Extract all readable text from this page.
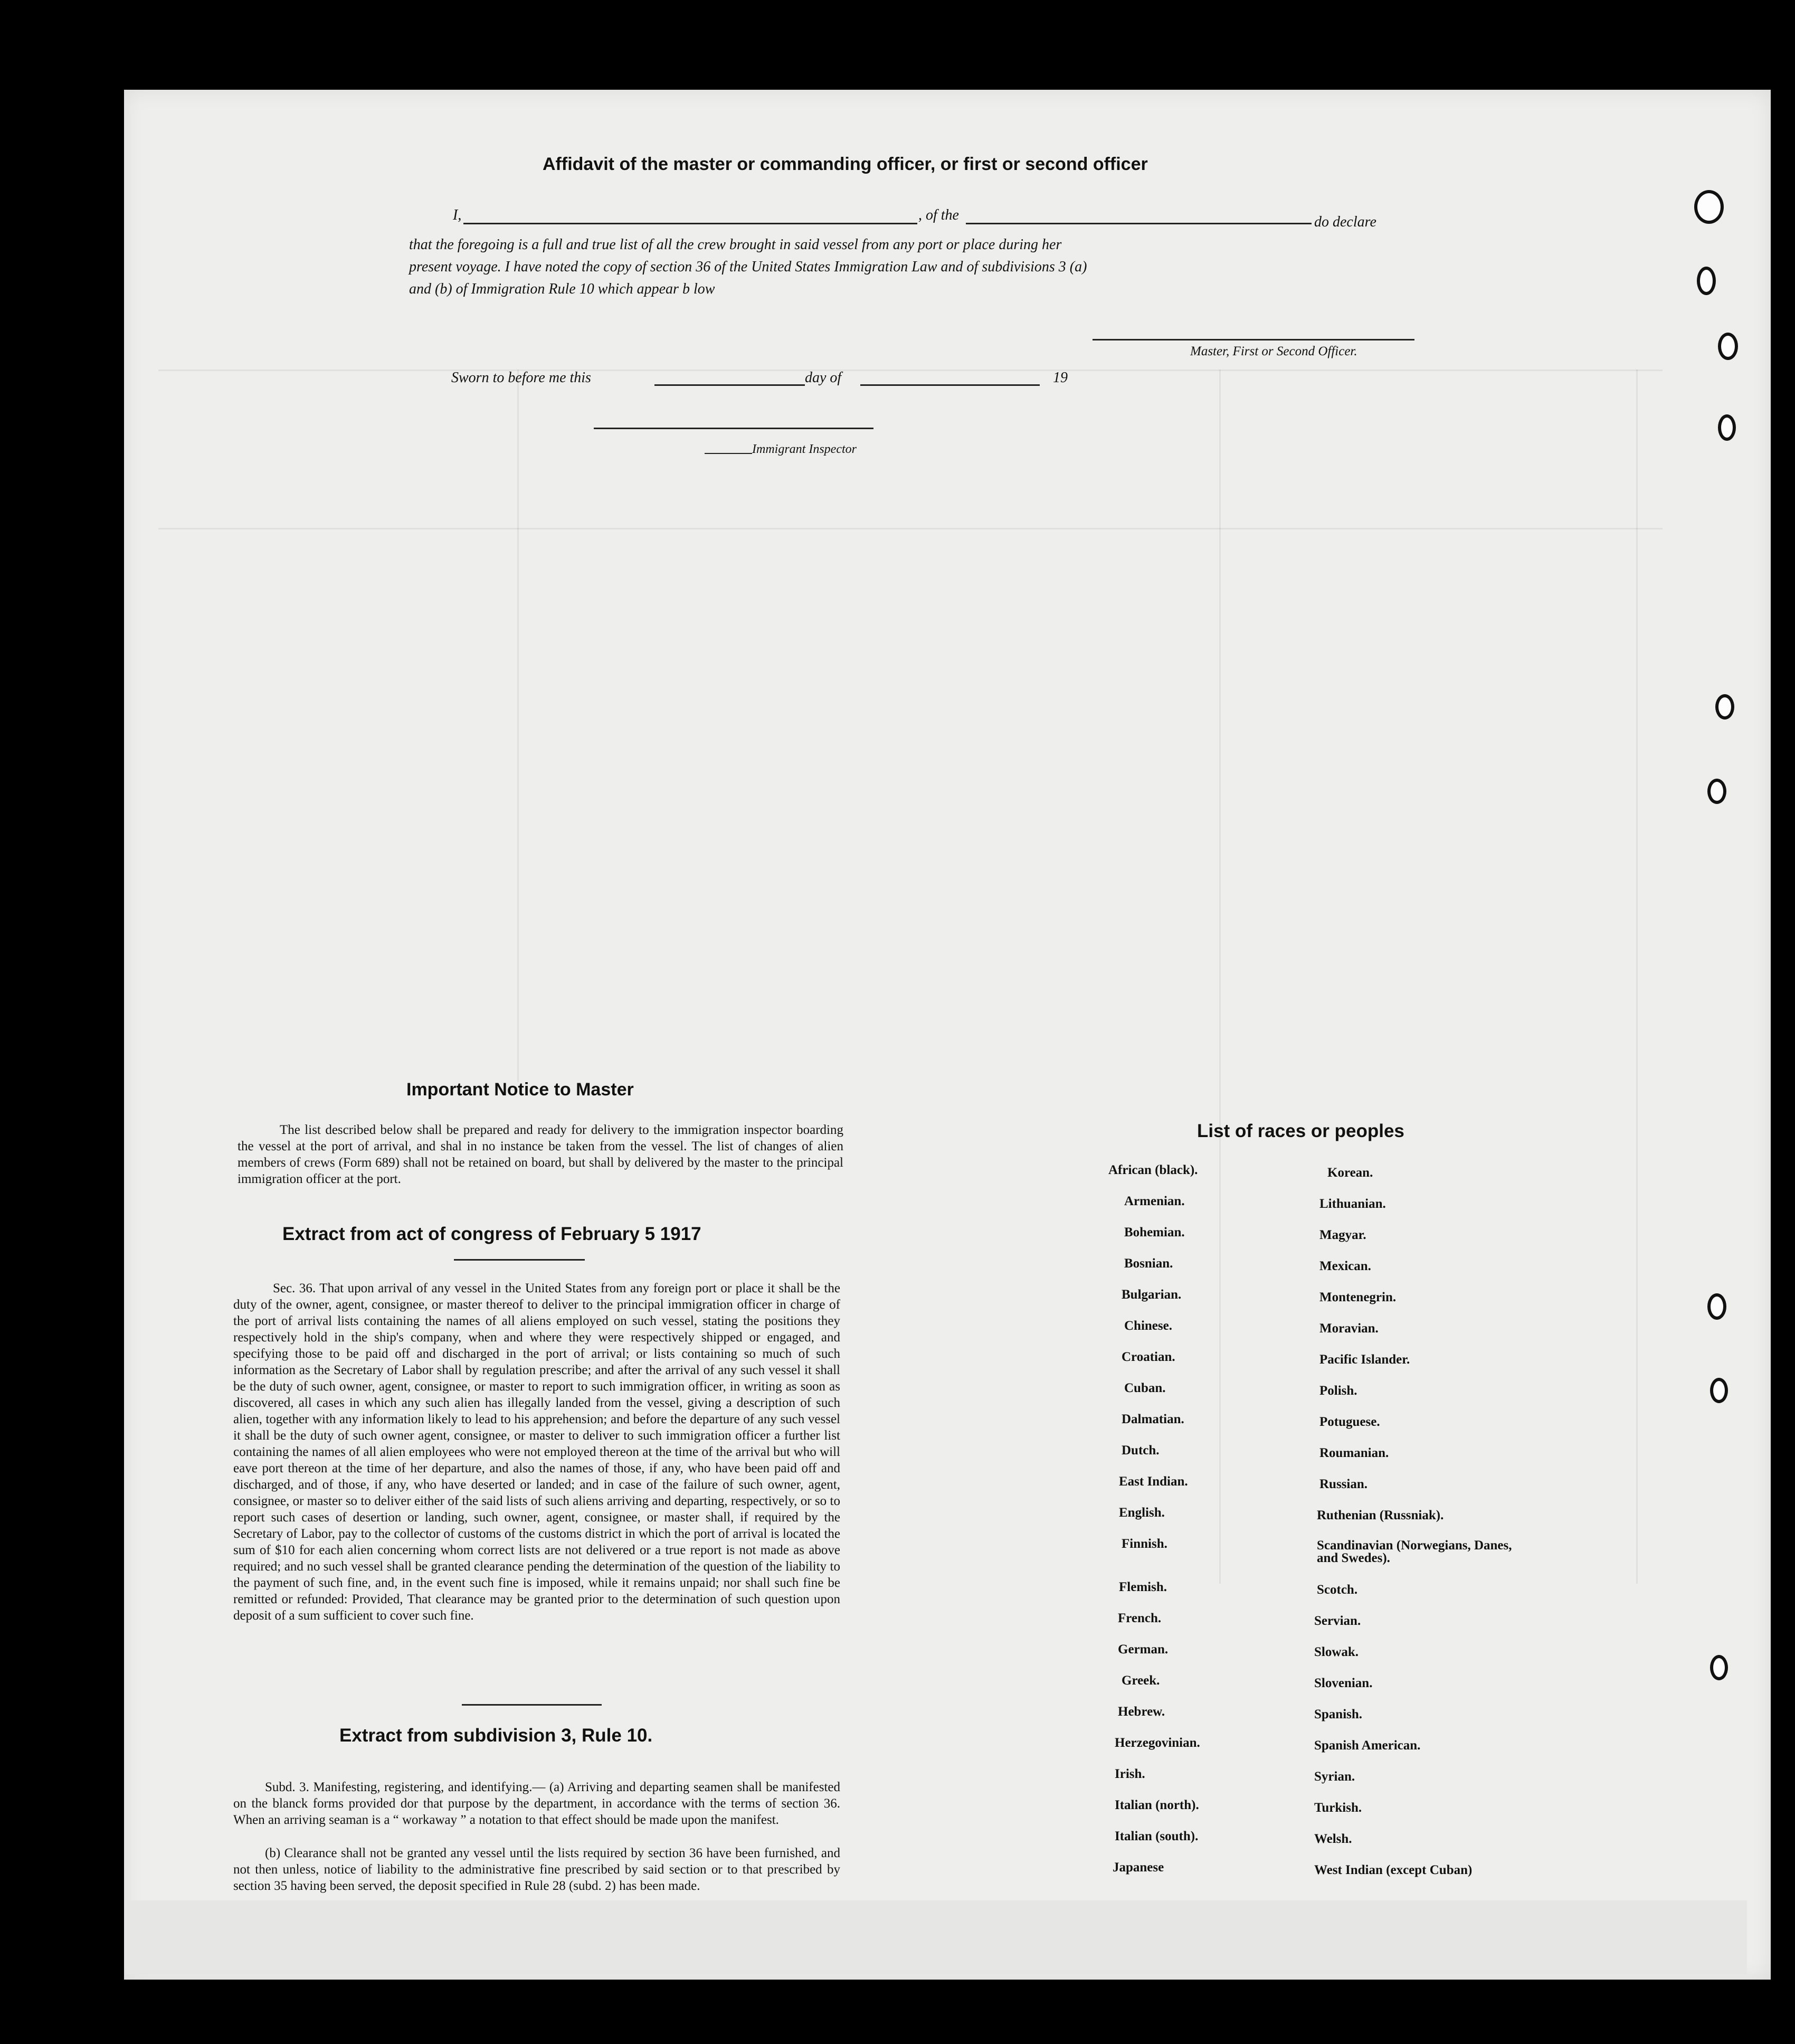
Affidavit of the master or commanding officer, or first or second officer
I,	, of the	do declare
that the foregoing is a full and true list of all the crew brought in said vessel from any port or place during her
present voyage. I have noted the copy of section 36 of the United States Immigration Law and of subdivisions 3 (a)
and (b) of Immigration Rule 10 which appear b low
Master, First or Second Officer.
Sworn to before me this	day of	19
Immigrant Inspector
Important Notice to Master
The list described below shall be prepared and ready for delivery to the immigration inspector boarding the vessel at the port of arrival, and shal in no instance be taken from the vessel. The list of changes of alien members of crews (Form 689) shall not be retained on board, but shall by delivered by the master to the principal immigration officer at the port.
Extract from act of congress of February 5 1917
Sec. 36. That upon arrival of any vessel in the United States from any foreign port or place it shall be the duty of the owner, agent, consignee, or master thereof to deliver to the principal immigration officer in charge of the port of arrival lists containing the names of all aliens employed on such vessel, stating the positions they respectively hold in the ship's company, when and where they were respectively shipped or engaged, and specifying those to be paid off and discharged in the port of arrival; or lists containing so much of such information as the Secretary of Labor shall by regulation prescribe; and after the arrival of any such vessel it shall be the duty of such owner, agent, consignee, or master to report to such immigration officer, in writing as soon as discovered, all cases in which any such alien has illegally landed from the vessel, giving a description of such alien, together with any information likely to lead to his apprehension; and before the departure of any such vessel it shall be the duty of such owner agent, consignee, or master to deliver to such immigration officer a further list containing the names of all alien employees who were not employed thereon at the time of the arrival but who will eave port thereon at the time of her departure, and also the names of those, if any, who have been paid off and discharged, and of those, if any, who have deserted or landed; and in case of the failure of such owner, agent, consignee, or master so to deliver either of the said lists of such aliens arriving and departing, respectively, or so to report such cases of desertion or landing, such owner, agent, consignee, or master shall, if required by the Secretary of Labor, pay to the collector of customs of the customs district in which the port of arrival is located the sum of $10 for each alien concerning whom correct lists are not delivered or a true report is not made as above required; and no such vessel shall be granted clearance pending the determination of the question of the liability to the payment of such fine, and, in the event such fine is imposed, while it remains unpaid; nor shall such fine be remitted or refunded: Provided, That clearance may be granted prior to the determination of such question upon deposit of a sum sufficient to cover such fine.
Extract from subdivision 3, Rule 10.
Subd. 3. Manifesting, registering, and identifying.— (a) Arriving and departing seamen shall be manifested on the blanck forms provided dor that purpose by the department, in accordance with the terms of section 36. When an arriving seaman is a “ workaway ” a notation to that effect should be made upon the manifest.
(b) Clearance shall not be granted any vessel until the lists required by section 36 have been furnished, and not then unless, notice of liability to the administrative fine prescribed by said section or to that prescribed by section 35 having been served, the deposit specified in Rule 28 (subd. 2) has been made.
List of races or peoples
African (black).
Armenian.
Bohemian.
Bosnian.
Bulgarian.
Chinese.
Croatian.
Cuban.
Dalmatian.
Dutch.
East Indian.
English.
Finnish.
Flemish.
French.
German.
Greek.
Hebrew.
Herzegovinian.
Irish.
Italian (north).
Italian (south).
Japanese
Korean.
Lithuanian.
Magyar.
Mexican.
Montenegrin.
Moravian.
Pacific Islander.
Polish.
Potuguese.
Roumanian.
Russian.
Ruthenian (Russniak).
Scandinavian (Norwegians, Danes, and Swedes).
Scotch.
Servian.
Slowak.
Slovenian.
Spanish.
Spanish American.
Syrian.
Turkish.
Welsh.
West Indian (except Cuban)
